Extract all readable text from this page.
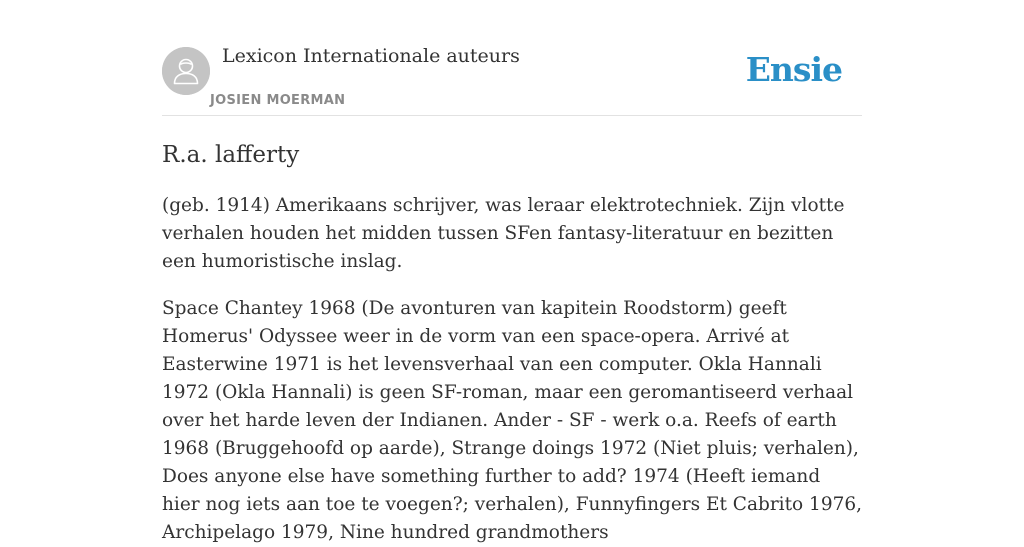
Lexicon Internationale auteurs
JOSIEN MOERMAN
Ensie
R.a. lafferty

(geb. 1914) Amerikaans schrijver, was leraar elektrotechniek. Zijn vlotte verhalen houden het midden tussen SFen fantasy-literatuur en bezitten een humoristische inslag.

Space Chantey 1968 (De avonturen van kapitein Roodstorm) geeft Homerus' Odyssee weer in de vorm van een space-opera. Arrivé at Easterwine 1971 is het levensverhaal van een computer. Okla Hannali 1972 (Okla Hannali) is geen SF-roman, maar een geromantiseerd verhaal over het harde leven der Indianen. Ander - SF - werk o.a. Reefs of earth 1968 (Bruggehoofd op aarde), Strange doings 1972 (Niet pluis; verhalen), Does anyone else have something further to add? 1974 (Heeft iemand hier nog iets aan toe te voegen?; verhalen), Funnyfingers Et Cabrito 1976, Archipelago 1979, Nine hundred grandmothers
